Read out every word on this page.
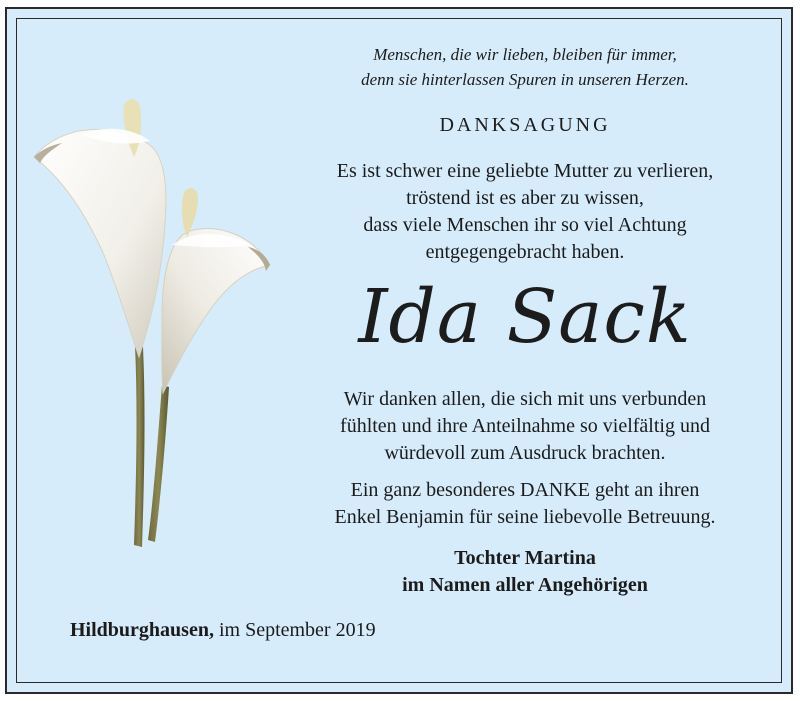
Menschen, die wir lieben, bleiben für immer,
denn sie hinterlassen Spuren in unseren Herzen.
DANKSAGUNG
Es ist schwer eine geliebte Mutter zu verlieren,
tröstend ist es aber zu wissen,
dass viele Menschen ihr so viel Achtung
entgegengebracht haben.
Ida Sack
Wir danken allen, die sich mit uns verbunden
fühlten und ihre Anteilnahme so vielfältig und
würdevoll zum Ausdruck brachten.
Ein ganz besonderes DANKE geht an ihren
Enkel Benjamin für seine liebevolle Betreuung.
Tochter Martina
im Namen aller Angehörigen
Hildburghausen, im September 2019
